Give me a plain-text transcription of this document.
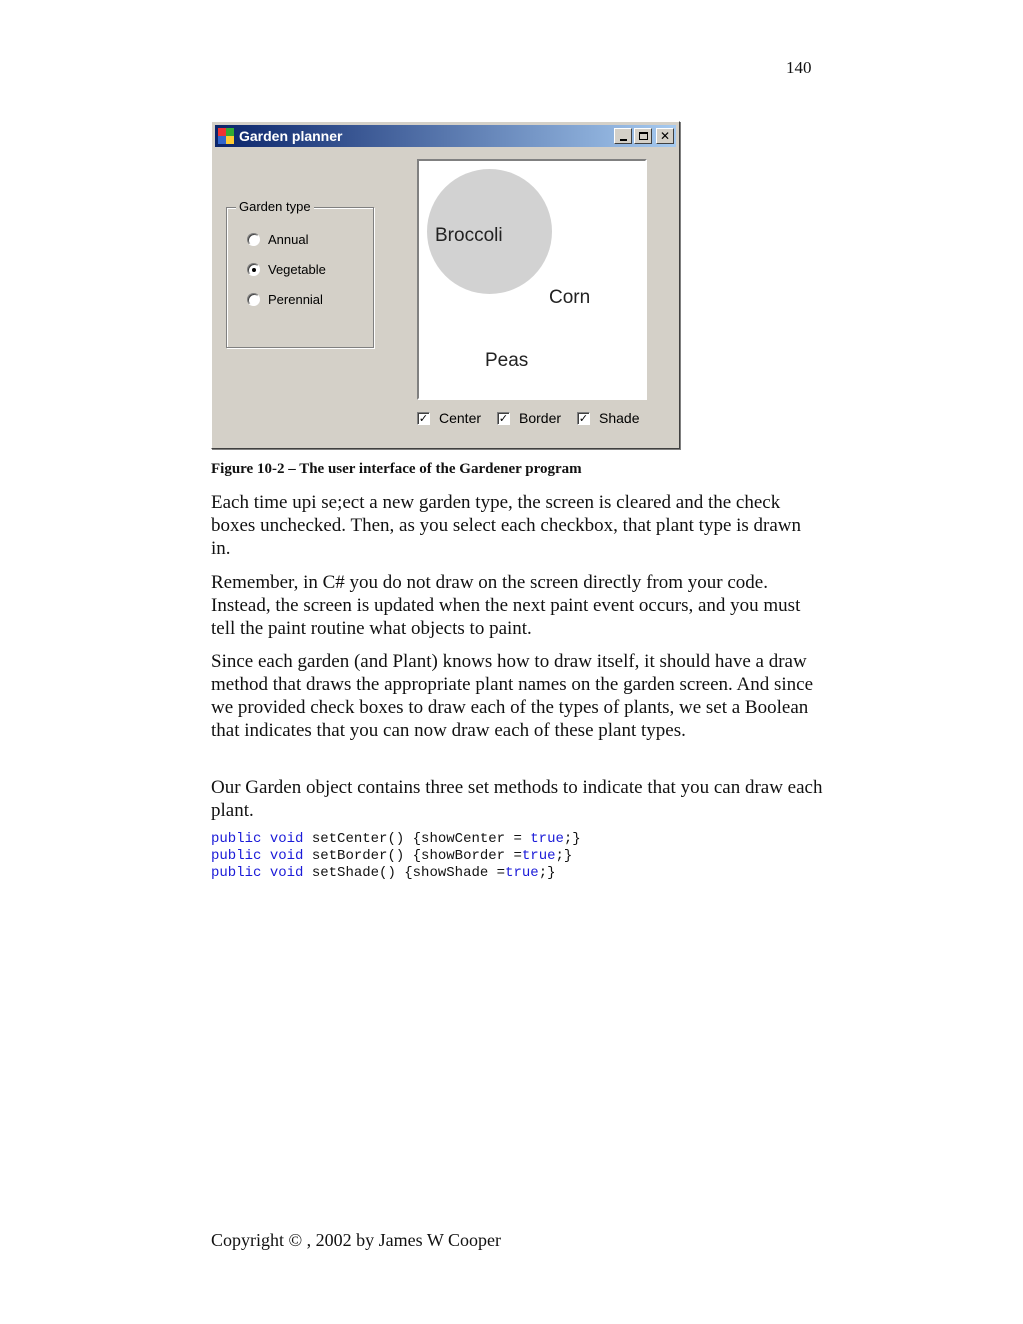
140
Garden planner	✕
Garden type
Annual
Vegetable
Perennial
Broccoli
Corn
Peas
✓ Center ✓ Border ✓ Shade
Figure 10-2 – The user interface of the Gardener program

Each time upi se;ect a new garden type, the screen is cleared and the check boxes unchecked. Then, as you select each checkbox, that plant type is drawn in.

Remember, in C# you do not draw on the screen directly from your code. Instead, the screen is updated when the next paint event occurs, and you must tell the paint routine what objects to paint.

Since each garden (and Plant) knows how to draw itself, it should have a draw method that draws the appropriate plant names on the garden screen. And since we provided check boxes to draw each of the types of plants, we set a Boolean that indicates that you can now draw each of these plant types.

Our Garden object contains three set methods to indicate that you can draw each plant.

public void setCenter() {showCenter = true;}
public void setBorder() {showBorder =true;}
public void setShade() {showShade =true;}
Copyright © , 2002 by James W Cooper
